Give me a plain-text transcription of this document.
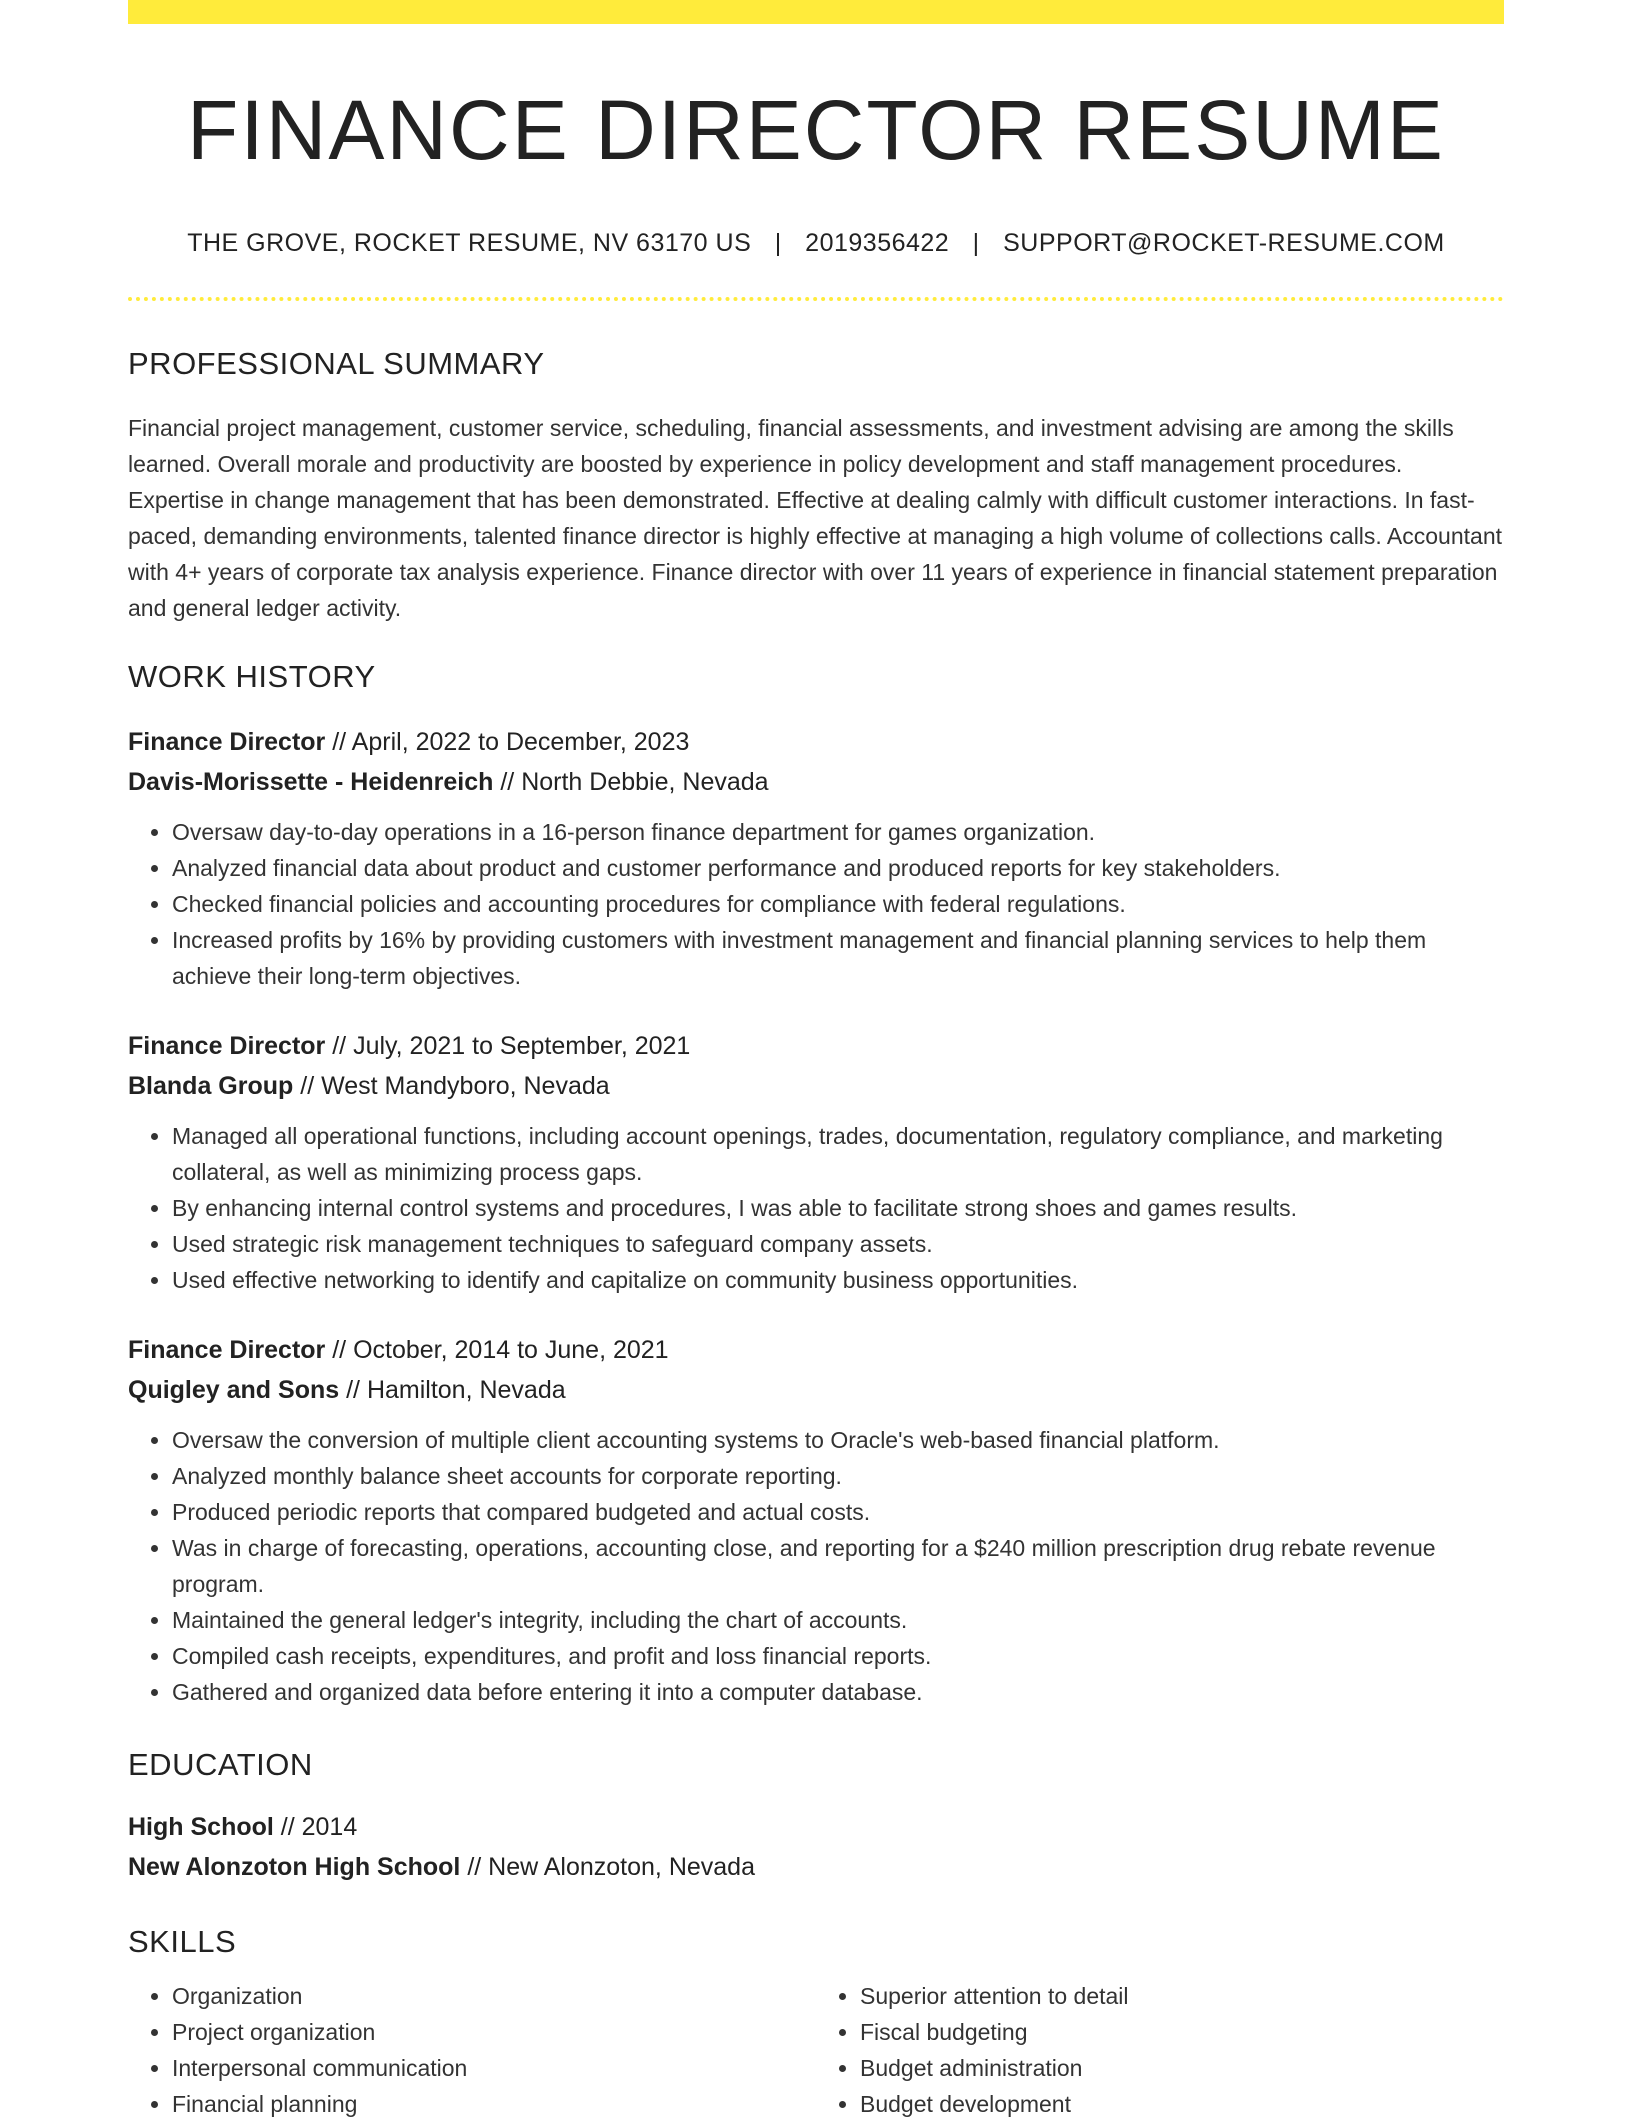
FINANCE DIRECTOR RESUME
THE GROVE, ROCKET RESUME, NV 63170 US | 2019356422 | SUPPORT@ROCKET-RESUME.COM
PROFESSIONAL SUMMARY

Financial project management, customer service, scheduling, financial assessments, and investment advising are among the skills learned. Overall morale and productivity are boosted by experience in policy development and staff management procedures. Expertise in change management that has been demonstrated. Effective at dealing calmly with difficult customer interactions. In fast-paced, demanding environments, talented finance director is highly effective at managing a high volume of collections calls. Accountant with 4+ years of corporate tax analysis experience. Finance director with over 11 years of experience in financial statement preparation and general ledger activity.

WORK HISTORY
Finance Director // April, 2022 to December, 2023
Davis-Morissette - Heidenreich // North Debbie, Nevada
• Oversaw day-to-day operations in a 16-person finance department for games organization.
• Analyzed financial data about product and customer performance and produced reports for key stakeholders.
• Checked financial policies and accounting procedures for compliance with federal regulations.
• Increased profits by 16% by providing customers with investment management and financial planning services to help them achieve their long-term objectives.
Finance Director // July, 2021 to September, 2021
Blanda Group // West Mandyboro, Nevada
• Managed all operational functions, including account openings, trades, documentation, regulatory compliance, and marketing collateral, as well as minimizing process gaps.
• By enhancing internal control systems and procedures, I was able to facilitate strong shoes and games results.
• Used strategic risk management techniques to safeguard company assets.
• Used effective networking to identify and capitalize on community business opportunities.
Finance Director // October, 2014 to June, 2021
Quigley and Sons // Hamilton, Nevada
• Oversaw the conversion of multiple client accounting systems to Oracle's web-based financial platform.
• Analyzed monthly balance sheet accounts for corporate reporting.
• Produced periodic reports that compared budgeted and actual costs.
• Was in charge of forecasting, operations, accounting close, and reporting for a $240 million prescription drug rebate revenue program.
• Maintained the general ledger's integrity, including the chart of accounts.
• Compiled cash receipts, expenditures, and profit and loss financial reports.
• Gathered and organized data before entering it into a computer database.
EDUCATION
High School // 2014
New Alonzoton High School // New Alonzoton, Nevada
SKILLS
• Organization
• Project organization
• Interpersonal communication
• Financial planning
• Superior attention to detail
• Fiscal budgeting
• Budget administration
• Budget development
